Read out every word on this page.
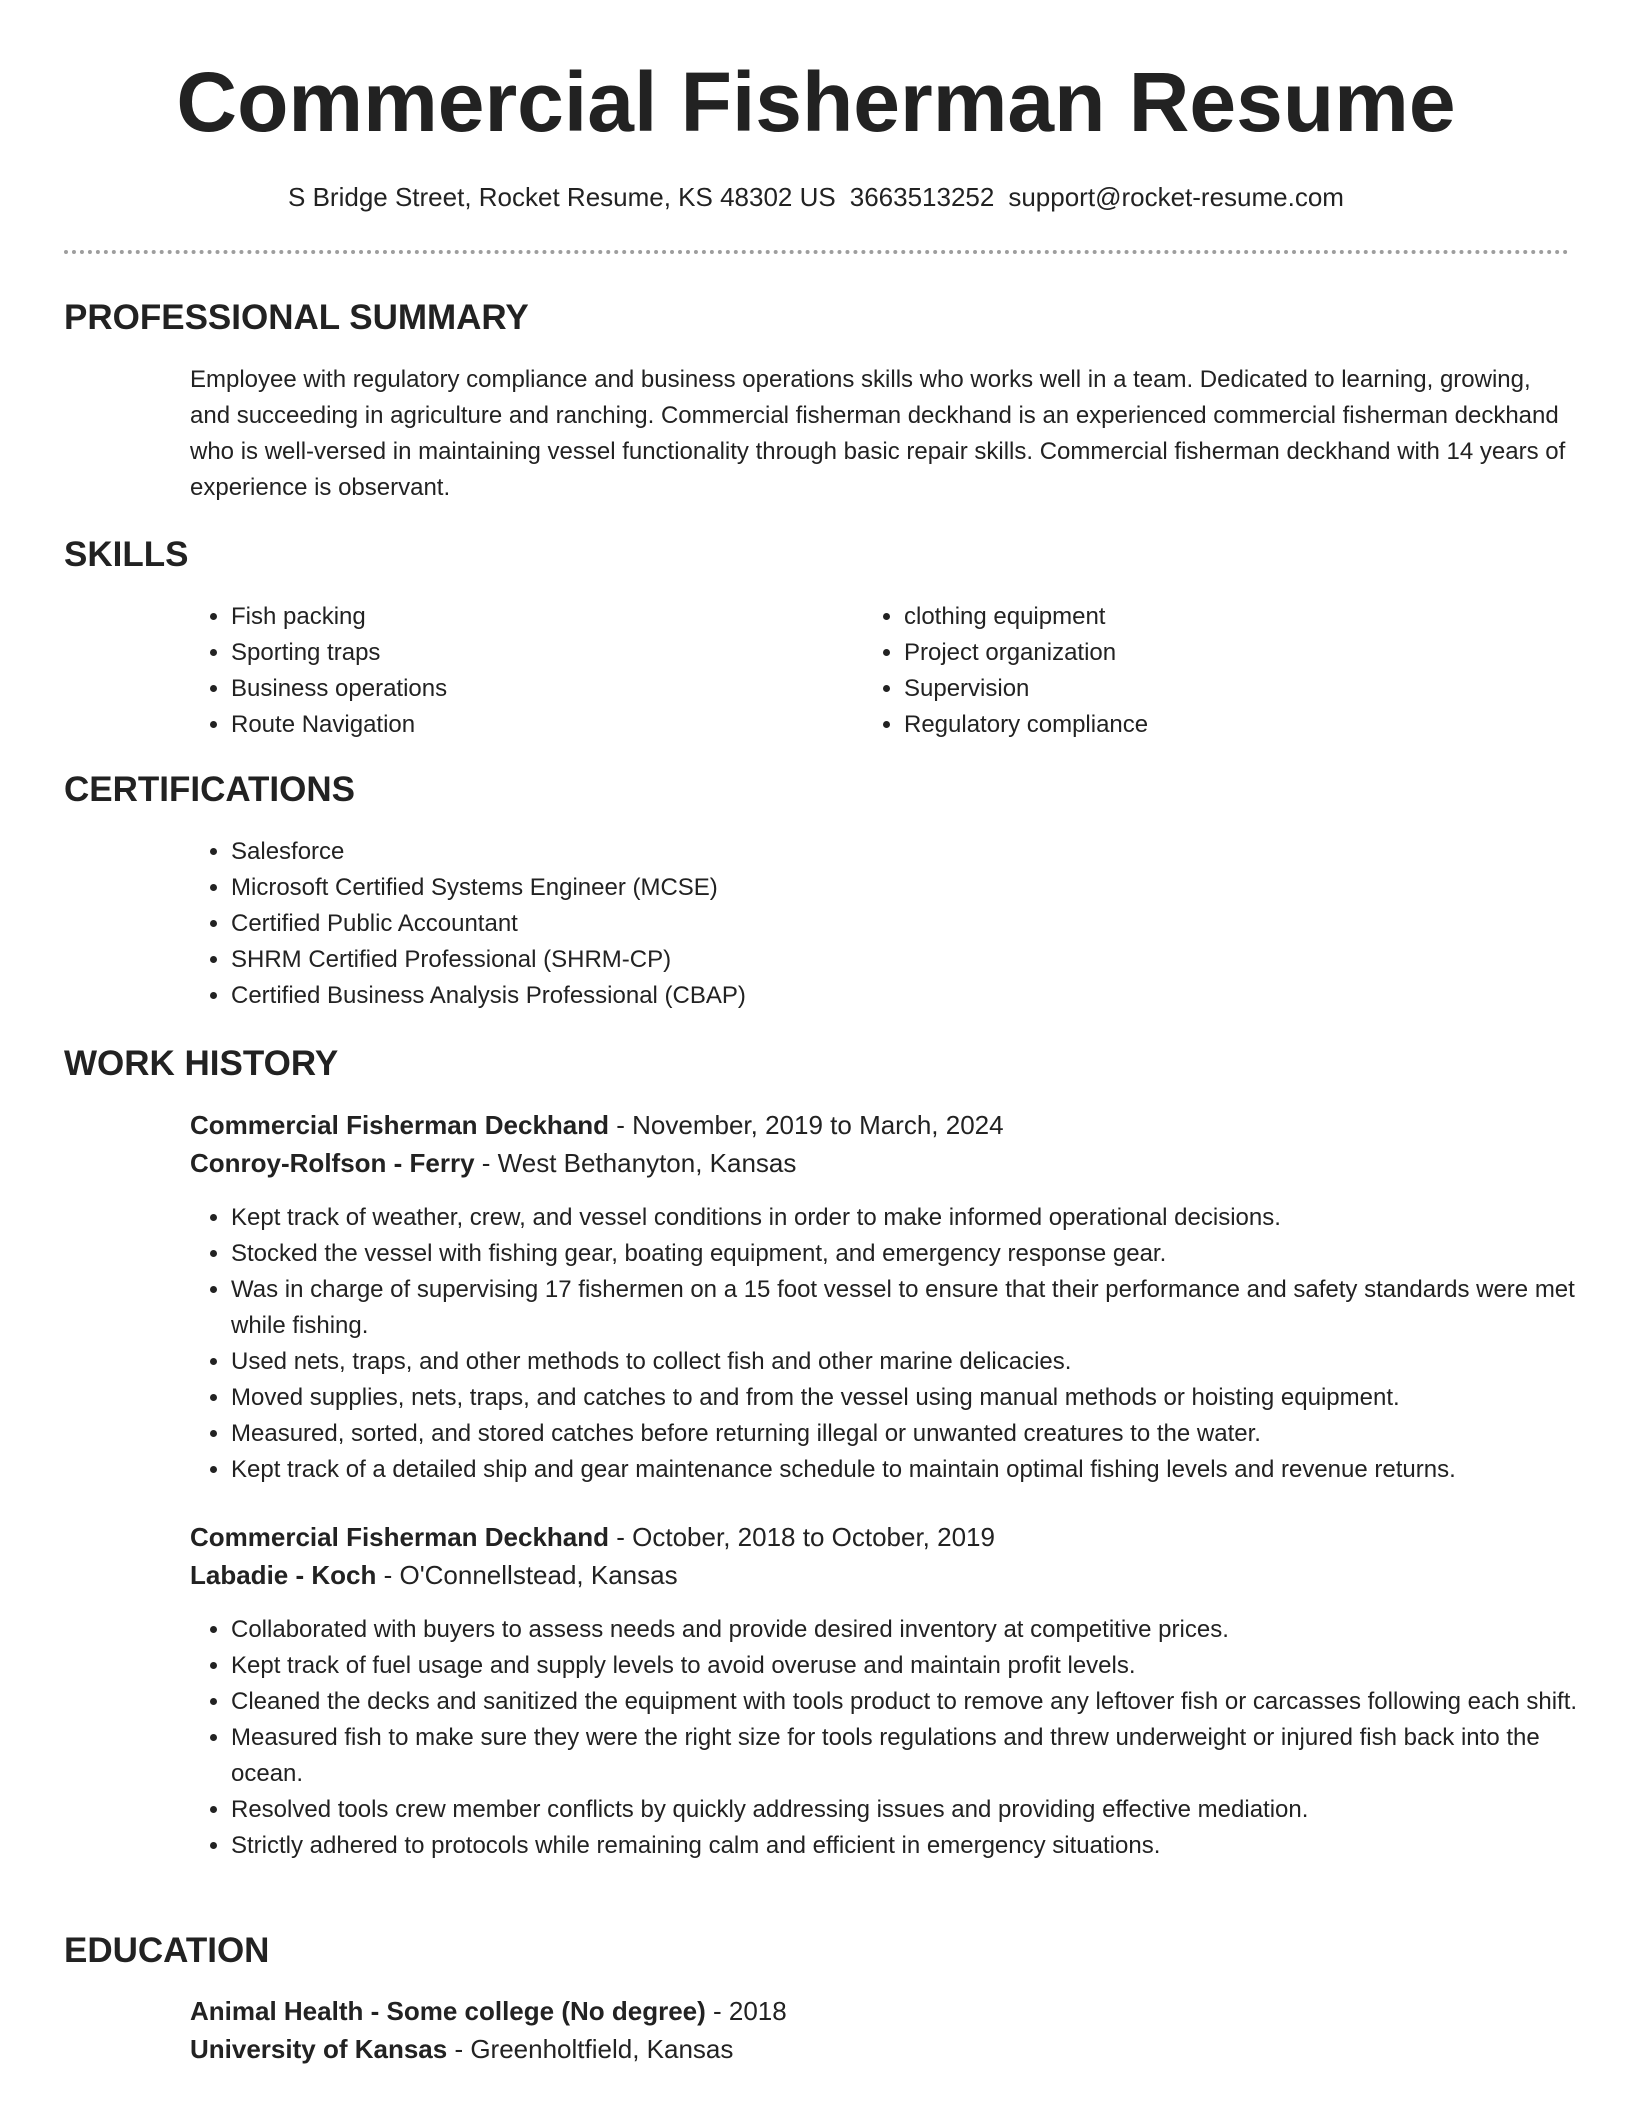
Commercial Fisherman Resume
S Bridge Street, Rocket Resume, KS 48302 US 3663513252 support@rocket-resume.com
PROFESSIONAL SUMMARY

Employee with regulatory compliance and business operations skills who works well in a team. Dedicated to learning, growing, and succeeding in agriculture and ranching. Commercial fisherman deckhand is an experienced commercial fisherman deckhand who is well-versed in maintaining vessel functionality through basic repair skills. Commercial fisherman deckhand with 14 years of experience is observant.

SKILLS
• Fish packing
• Sporting traps
• Business operations
• Route Navigation
• clothing equipment
• Project organization
• Supervision
• Regulatory compliance
CERTIFICATIONS
• Salesforce
• Microsoft Certified Systems Engineer (MCSE)
• Certified Public Accountant
• SHRM Certified Professional (SHRM-CP)
• Certified Business Analysis Professional (CBAP)
WORK HISTORY
Commercial Fisherman Deckhand - November, 2019 to March, 2024
Conroy-Rolfson - Ferry - West Bethanyton, Kansas
• Kept track of weather, crew, and vessel conditions in order to make informed operational decisions.
• Stocked the vessel with fishing gear, boating equipment, and emergency response gear.
• Was in charge of supervising 17 fishermen on a 15 foot vessel to ensure that their performance and safety standards were met while fishing.
• Used nets, traps, and other methods to collect fish and other marine delicacies.
• Moved supplies, nets, traps, and catches to and from the vessel using manual methods or hoisting equipment.
• Measured, sorted, and stored catches before returning illegal or unwanted creatures to the water.
• Kept track of a detailed ship and gear maintenance schedule to maintain optimal fishing levels and revenue returns.
Commercial Fisherman Deckhand - October, 2018 to October, 2019
Labadie - Koch - O'Connellstead, Kansas
• Collaborated with buyers to assess needs and provide desired inventory at competitive prices.
• Kept track of fuel usage and supply levels to avoid overuse and maintain profit levels.
• Cleaned the decks and sanitized the equipment with tools product to remove any leftover fish or carcasses following each shift.
• Measured fish to make sure they were the right size for tools regulations and threw underweight or injured fish back into the ocean.
• Resolved tools crew member conflicts by quickly addressing issues and providing effective mediation.
• Strictly adhered to protocols while remaining calm and efficient in emergency situations.
EDUCATION
Animal Health - Some college (No degree) - 2018
University of Kansas - Greenholtfield, Kansas
